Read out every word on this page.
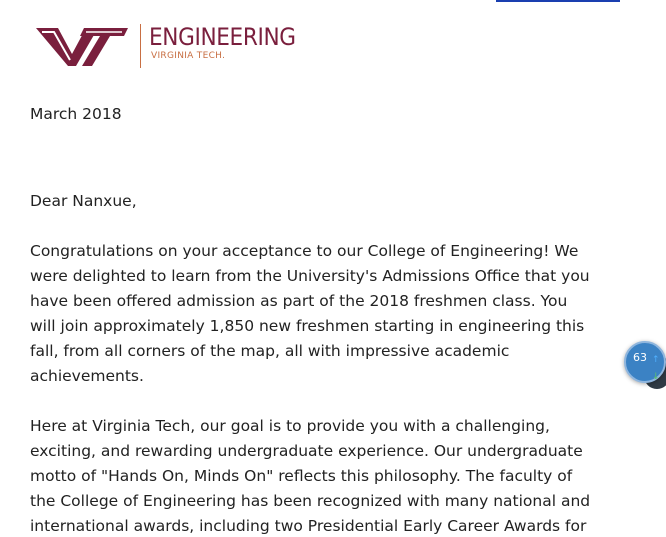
ENGINEERING
VIRGINIA TECH.

March 2018

Dear Nanxue,

Congratulations on your acceptance to our College of Engineering! We
were delighted to learn from the University's Admissions Office that you
have been offered admission as part of the 2018 freshmen class. You
will join approximately 1,850 new freshmen starting in engineering this
fall, from all corners of the map, all with impressive academic
achievements.

Here at Virginia Tech, our goal is to provide you with a challenging,
exciting, and rewarding undergraduate experience. Our undergraduate
motto of "Hands On, Minds On" reflects this philosophy. The faculty of
the College of Engineering has been recognized with many national and
international awards, including two Presidential Early Career Awards for

63 ↑
↓
